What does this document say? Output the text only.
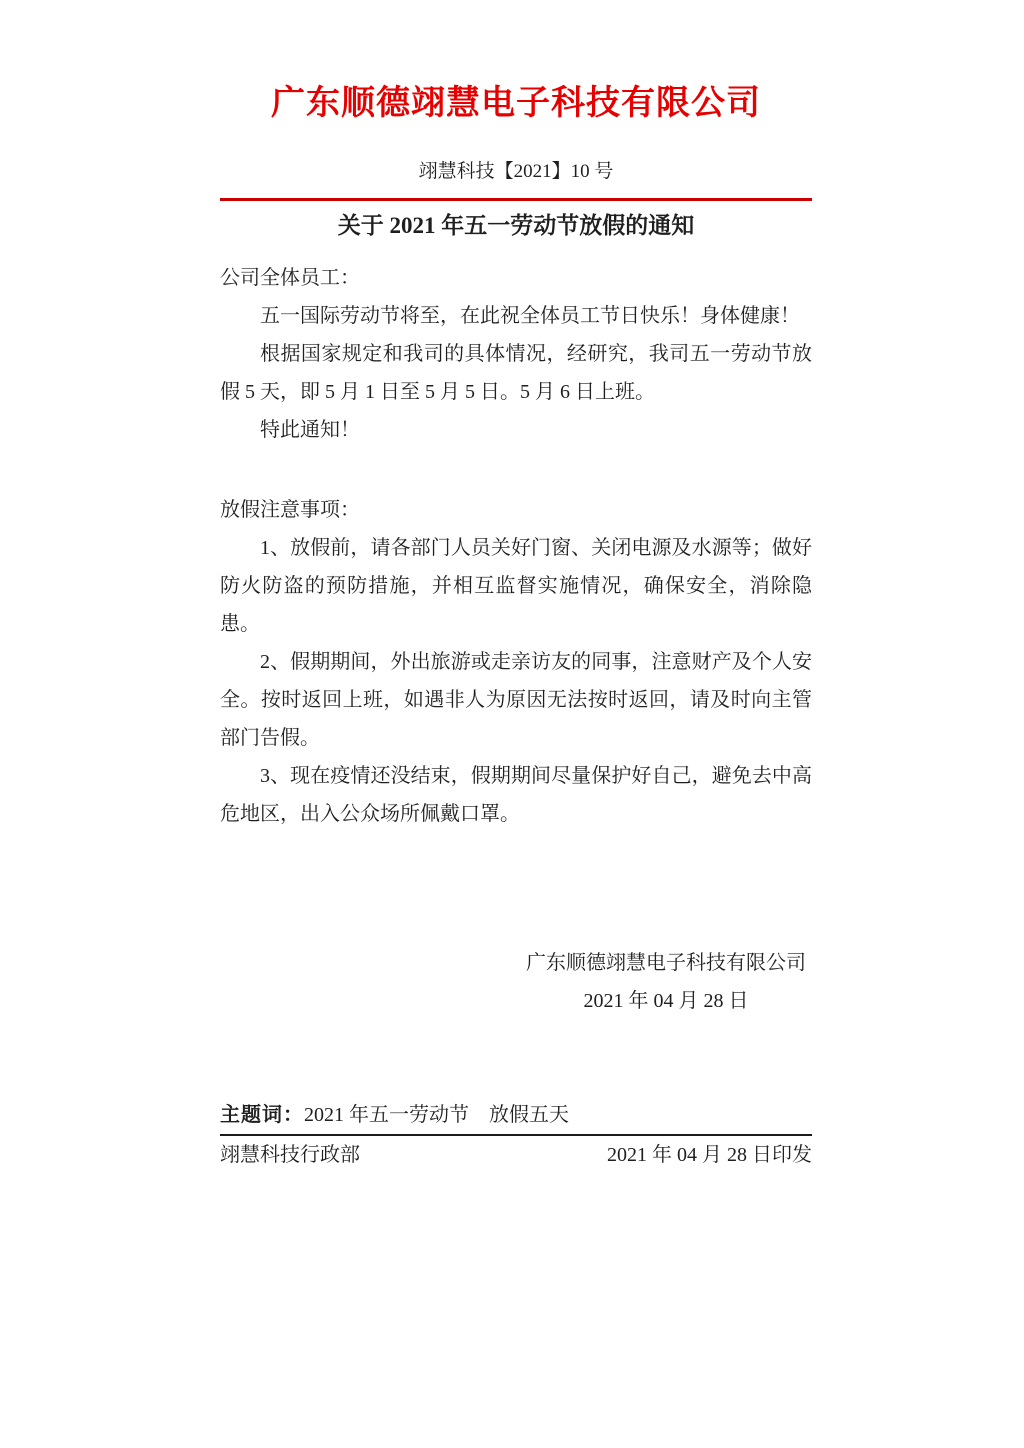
广东顺德翊慧电子科技有限公司
翊慧科技【2021】10 号
关于 2021 年五一劳动节放假的通知

公司全体员工：

五一国际劳动节将至，在此祝全体员工节日快乐！身体健康！

根据国家规定和我司的具体情况，经研究，我司五一劳动节放假 5 天，即 5 月 1 日至 5 月 5 日。5 月 6 日上班。

特此通知！

放假注意事项：

1、放假前，请各部门人员关好门窗、关闭电源及水源等；做好防火防盗的预防措施，并相互监督实施情况，确保安全，消除隐患。

2、假期期间，外出旅游或走亲访友的同事，注意财产及个人安全。按时返回上班，如遇非人为原因无法按时返回，请及时向主管部门告假。

3、现在疫情还没结束，假期期间尽量保护好自己，避免去中高危地区，出入公众场所佩戴口罩。

广东顺德翊慧电子科技有限公司
2021 年 04 月 28 日
主题词：2021 年五一劳动节　放假五天
翊慧科技行政部	2021 年 04 月 28 日印发
